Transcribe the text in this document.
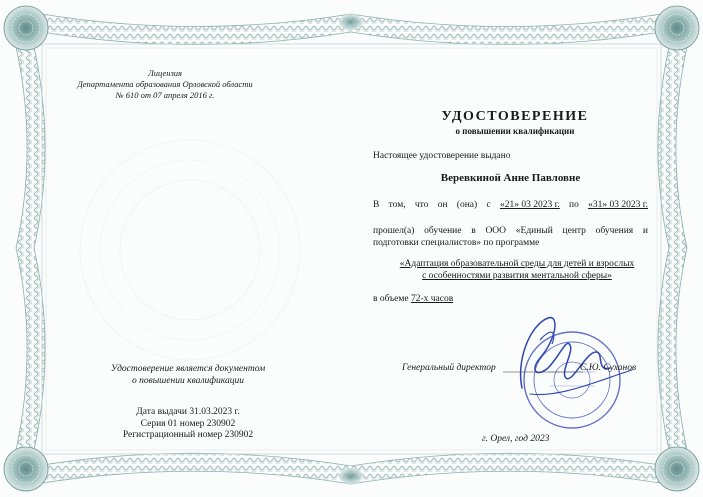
Лицензия
Департамента образования Орловской области
№ 610 от 07 апреля 2016 г.
УДОСТОВЕРЕНИЕ
о повышении квалификации
Настоящее удостоверение выдано
Веревкиной Анне Павловне
В том, что он (она) с «21» 03 2023 г. по «31» 03 2023 г.
прошел(а) обучение в ООО «Единый центр обучения и
подготовки специалистов» по программе
«Адаптация образовательной среды для детей и взрослых
с особенностями развития ментальной сферы»
в объеме 72-х часов
Генеральный директор	С.Ю. Суханов
Удостоверение является документом
о повышении квалификации
Дата выдачи 31.03.2023 г.
Серия 01 номер 230902
Регистрационный номер 230902	г. Орел, год 2023
